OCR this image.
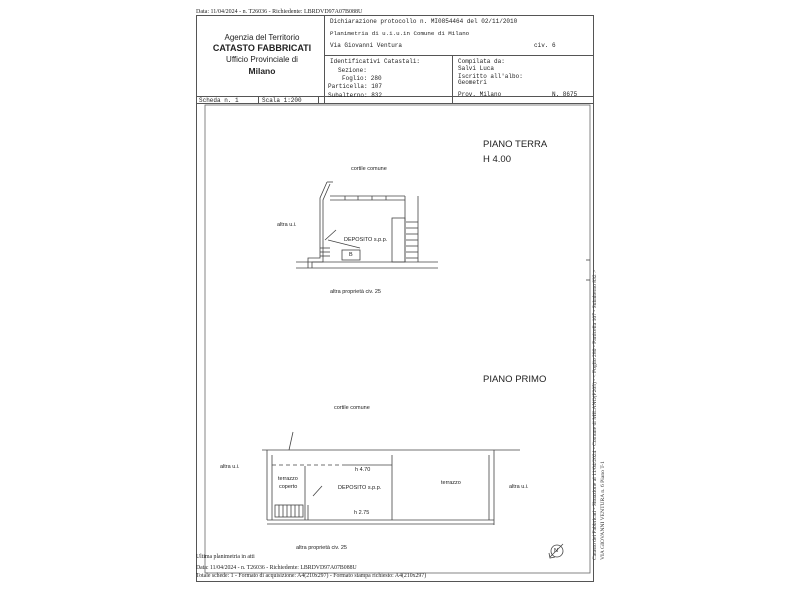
Data: 11/04/2024 - n. T26036 - Richiedente: LBRDVD97A07B088U
Agenzia del Territorio
CATASTO FABBRICATI
Ufficio Provinciale di
Milano
Dichiarazione protocollo n. MI0854464 del 02/11/2010
Planimetria di u.i.u.in Comune di Milano
Via Giovanni Ventura	civ. 6
Identificativi Catastali:
Sezione:
Foglio: 280
Particella: 107
Subalterno: 832
Compilata da:
Salvi Luca
Iscritto all'albo:
Geometri
Prov. Milano	N. 8675
Scheda n. 1	Scala 1:200
PIANO TERRA
H 4.00
cortile comune
altra u.i.
DEPOSITO s.p.p.
B
altra proprietà civ. 25
PIANO PRIMO
cortile comune
altra u.i.	h 4.70
terrazzo
coperto	DEPOSITO s.p.p.
terrazzo
altra u.i.
h 2.75
altra proprietà civ. 25	N
Ultima planimetria in atti
Data: 11/04/2024 - n. T26036 - Richiedente: LBRDVD97A07B088U
Totale schede: 1 - Formato di acquisizione: A4(210x297) - Formato stampa richiesto: A4(210x297)
Catasto dei Fabbricati - Situazione al 11/04/2024 - Comune di MILANO(F205) - < Foglio 280 - Particella 107 - Subalterno 832 > VIA GIOVANNI VENTURA n. 6 Piano T-1
